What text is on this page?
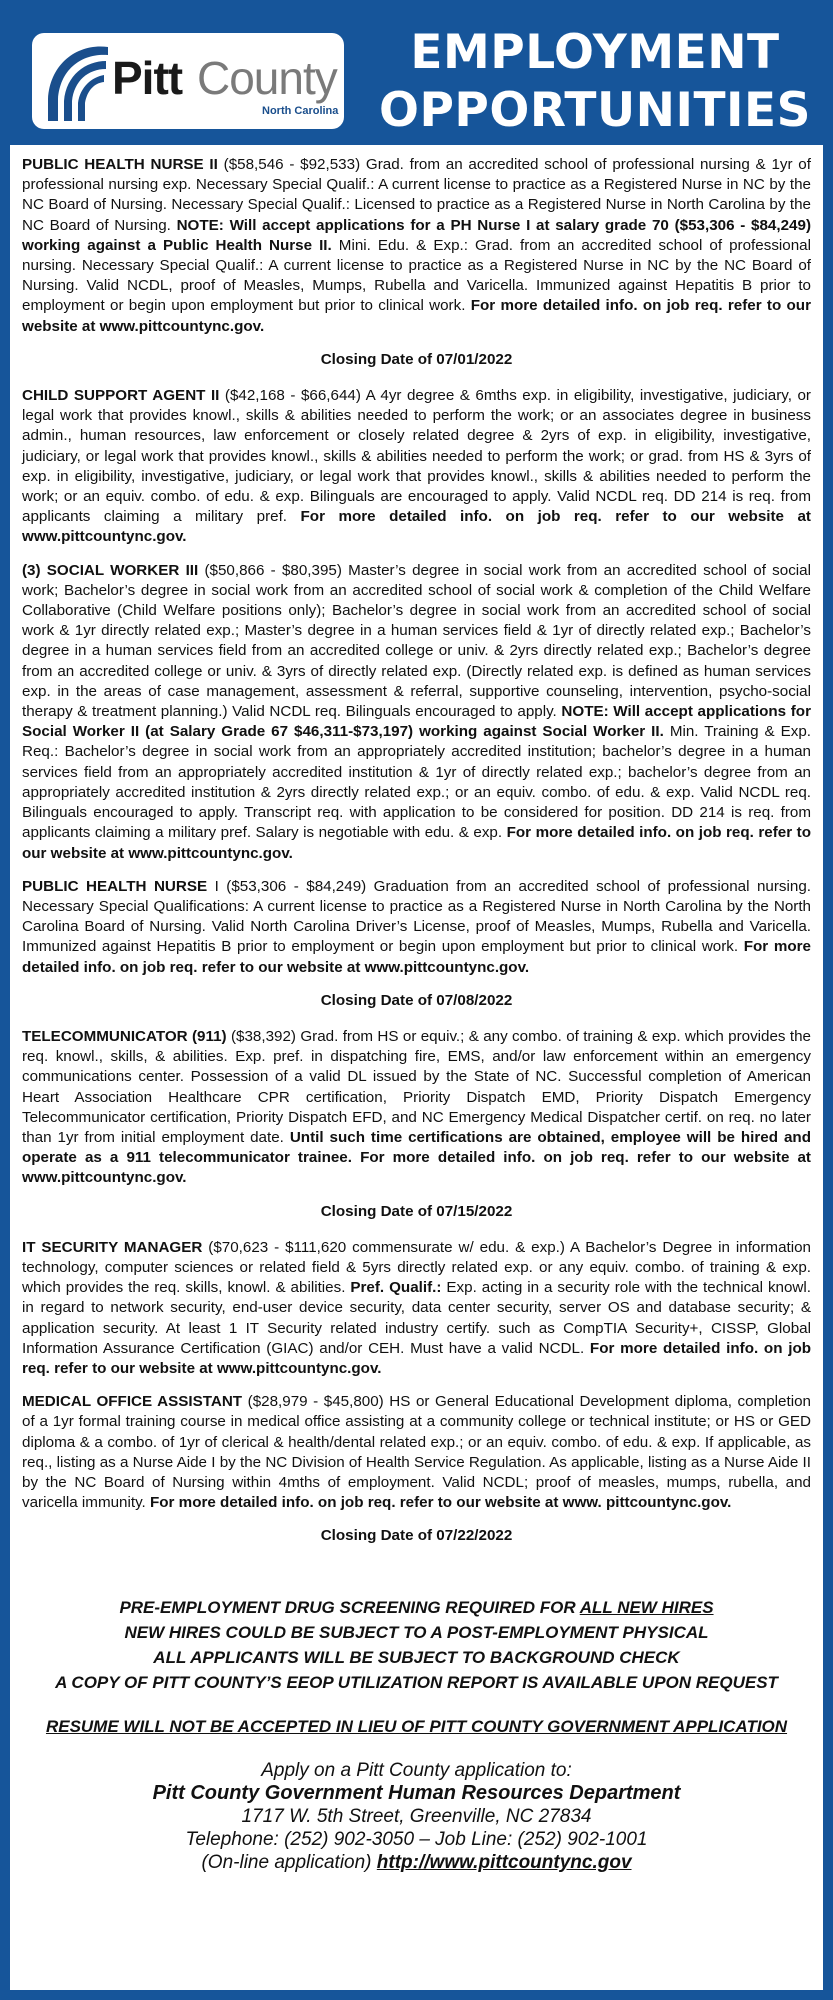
Pitt County
North Carolina
EMPLOYMENT
OPPORTUNITIES

PUBLIC HEALTH NURSE II ($58,546 - $92,533) Grad. from an accredited school of professional nursing & 1yr of professional nursing exp. Necessary Special Qualif.: A current license to practice as a Registered Nurse in NC by the NC Board of Nursing. Necessary Special Qualif.: Licensed to practice as a Registered Nurse in North Carolina by the NC Board of Nursing. NOTE: Will accept applications for a PH Nurse I at salary grade 70 ($53,306 - $84,249) working against a Public Health Nurse II. Mini. Edu. & Exp.: Grad. from an accredited school of professional nursing. Necessary Special Qualif.: A current license to practice as a Registered Nurse in NC by the NC Board of Nursing. Valid NCDL, proof of Measles, Mumps, Rubella and Varicella. Immunized against Hepatitis B prior to employment or begin upon employment but prior to clinical work. For more detailed info. on job req. refer to our website at www.pittcountync.gov.

Closing Date of 07/01/2022

CHILD SUPPORT AGENT II ($42,168 - $66,644) A 4yr degree & 6mths exp. in eligibility, investigative, judiciary, or legal work that provides knowl., skills & abilities needed to perform the work; or an associates degree in business admin., human resources, law enforcement or closely related degree & 2yrs of exp. in eligibility, investigative, judiciary, or legal work that provides knowl., skills & abilities needed to perform the work; or grad. from HS & 3yrs of exp. in eligibility, investigative, judiciary, or legal work that provides knowl., skills & abilities needed to perform the work; or an equiv. combo. of edu. & exp. Bilinguals are encouraged to apply. Valid NCDL req. DD 214 is req. from applicants claiming a military pref. For more detailed info. on job req. refer to our website at www.pittcountync.gov.

(3) SOCIAL WORKER III ($50,866 - $80,395) Master’s degree in social work from an accredited school of social work; Bachelor’s degree in social work from an accredited school of social work & completion of the Child Welfare Collaborative (Child Welfare positions only); Bachelor’s degree in social work from an accredited school of social work & 1yr directly related exp.; Master’s degree in a human services field & 1yr of directly related exp.; Bachelor’s degree in a human services field from an accredited college or univ. & 2yrs directly related exp.; Bachelor’s degree from an accredited college or univ. & 3yrs of directly related exp. (Directly related exp. is defined as human services exp. in the areas of case management, assessment & referral, supportive counseling, intervention, psycho-social therapy & treatment planning.) Valid NCDL req. Bilinguals encouraged to apply. NOTE: Will accept applications for Social Worker II (at Salary Grade 67 $46,311-$73,197) working against Social Worker II. Min. Training & Exp. Req.: Bachelor’s degree in social work from an appropriately accredited institution; bachelor’s degree in a human services field from an appropriately accredited institution & 1yr of directly related exp.; bachelor’s degree from an appropriately accredited institution & 2yrs directly related exp.; or an equiv. combo. of edu. & exp. Valid NCDL req. Bilinguals encouraged to apply. Transcript req. with application to be considered for position. DD 214 is req. from applicants claiming a military pref. Salary is negotiable with edu. & exp. For more detailed info. on job req. refer to our website at www.pittcountync.gov.

PUBLIC HEALTH NURSE I ($53,306 - $84,249) Graduation from an accredited school of professional nursing. Necessary Special Qualifications: A current license to practice as a Registered Nurse in North Carolina by the North Carolina Board of Nursing. Valid North Carolina Driver’s License, proof of Measles, Mumps, Rubella and Varicella. Immunized against Hepatitis B prior to employment or begin upon employment but prior to clinical work. For more detailed info. on job req. refer to our website at www.pittcountync.gov.

Closing Date of 07/08/2022

TELECOMMUNICATOR (911) ($38,392) Grad. from HS or equiv.; & any combo. of training & exp. which provides the req. knowl., skills, & abilities. Exp. pref. in dispatching fire, EMS, and/or law enforcement within an emergency communications center. Possession of a valid DL issued by the State of NC. Successful completion of American Heart Association Healthcare CPR certification, Priority Dispatch EMD, Priority Dispatch Emergency Telecommunicator certification, Priority Dispatch EFD, and NC Emergency Medical Dispatcher certif. on req. no later than 1yr from initial employment date. Until such time certifications are obtained, employee will be hired and operate as a 911 telecommunicator trainee. For more detailed info. on job req. refer to our website at www.pittcountync.gov.

Closing Date of 07/15/2022

IT SECURITY MANAGER ($70,623 - $111,620 commensurate w/ edu. & exp.) A Bachelor’s Degree in information technology, computer sciences or related field & 5yrs directly related exp. or any equiv. combo. of training & exp. which provides the req. skills, knowl. & abilities. Pref. Qualif.: Exp. acting in a security role with the technical knowl. in regard to network security, end-user device security, data center security, server OS and database security; & application security. At least 1 IT Security related industry certify. such as CompTIA Security+, CISSP, Global Information Assurance Certification (GIAC) and/or CEH. Must have a valid NCDL. For more detailed info. on job req. refer to our website at www.pittcountync.gov.

MEDICAL OFFICE ASSISTANT ($28,979 - $45,800) HS or General Educational Development diploma, completion of a 1yr formal training course in medical office assisting at a community college or technical institute; or HS or GED diploma & a combo. of 1yr of clerical & health/dental related exp.; or an equiv. combo. of edu. & exp. If applicable, as req., listing as a Nurse Aide I by the NC Division of Health Service Regulation. As applicable, listing as a Nurse Aide II by the NC Board of Nursing within 4mths of employment. Valid NCDL; proof of measles, mumps, rubella, and varicella immunity. For more detailed info. on job req. refer to our website at www. pittcountync.gov.

Closing Date of 07/22/2022
PRE-EMPLOYMENT DRUG SCREENING REQUIRED FOR ALL NEW HIRES
NEW HIRES COULD BE SUBJECT TO A POST-EMPLOYMENT PHYSICAL
ALL APPLICANTS WILL BE SUBJECT TO BACKGROUND CHECK
A COPY OF PITT COUNTY’S EEOP UTILIZATION REPORT IS AVAILABLE UPON REQUEST
RESUME WILL NOT BE ACCEPTED IN LIEU OF PITT COUNTY GOVERNMENT APPLICATION
Apply on a Pitt County application to:
Pitt County Government Human Resources Department
1717 W. 5th Street, Greenville, NC 27834
Telephone: (252) 902-3050 – Job Line: (252) 902-1001
(On-line application) http://www.pittcountync.gov
